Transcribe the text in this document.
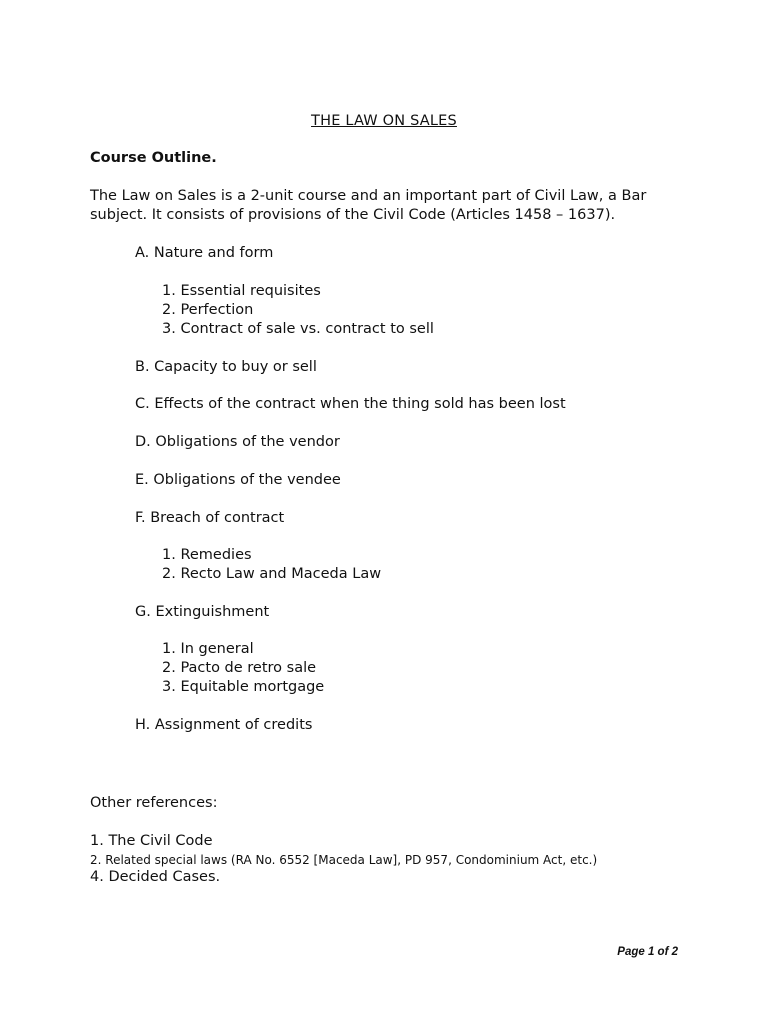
THE LAW ON SALES
Course Outline.
The Law on Sales is a 2-unit course and an important part of Civil Law, a Bar subject. It consists of provisions of the Civil Code (Articles 1458 – 1637).
A. Nature and form
1. Essential requisites
2. Perfection
3. Contract of sale vs. contract to sell
B. Capacity to buy or sell
C. Effects of the contract when the thing sold has been lost
D. Obligations of the vendor
E. Obligations of the vendee
F. Breach of contract
1. Remedies
2. Recto Law and Maceda Law
G. Extinguishment
1. In general
2. Pacto de retro sale
3. Equitable mortgage
H. Assignment of credits
Other references:
1. The Civil Code
2. Related special laws (RA No. 6552 [Maceda Law], PD 957, Condominium Act, etc.)
4. Decided Cases.
Page 1 of 2
